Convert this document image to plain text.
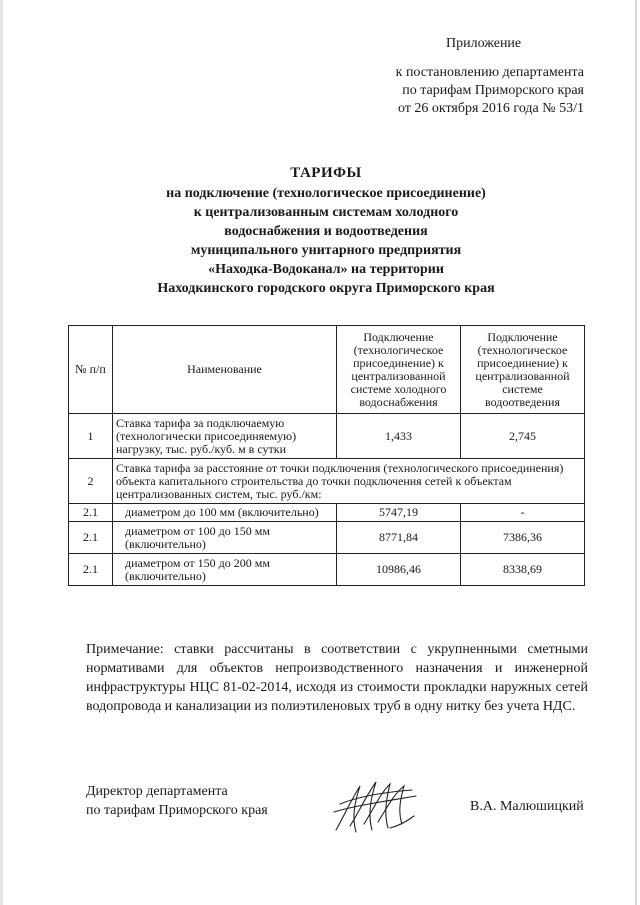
Приложение
к постановлению департамента
по тарифам Приморского края
от 26 октября 2016 года № 53/1
ТАРИФЫ
на подключение (технологическое присоединение)
к централизованным системам холодного
водоснабжения и водоотведения
муниципального унитарного предприятия
«Находка-Водоканал» на территории
Находкинского городского округа Приморского края
№ п/п	Наименование	Подключение (технологическое присоединение) к централизованной системе холодного водоснабжения	Подключение (технологическое присоединение) к централизованной системе водоотведения
1	Ставка тарифа за подключаемую (технологически присоединяемую) нагрузку, тыс. руб./куб. м в сутки	1,433	2,745
2	Ставка тарифа за расстояние от точки подключения (технологического присоединения) объекта капитального строительства до точки подключения сетей к объектам централизованных систем, тыс. руб./км:		
2.1	диаметром до 100 мм (включительно)	5747,19	-
2.1	диаметром от 100 до 150 мм (включительно)	8771,84	7386,36
2.1	диаметром от 150 до 200 мм (включительно)	10986,46	8338,69
Примечание: ставки рассчитаны в соответствии с укрупненными сметными нормативами для объектов непроизводственного назначения и инженерной инфраструктуры НЦС 81-02-2014, исходя из стоимости прокладки наружных сетей водопровода и канализации из полиэтиленовых труб в одну нитку без учета НДС.
Директор департамента
по тарифам Приморского края	В.А. Малюшицкий
